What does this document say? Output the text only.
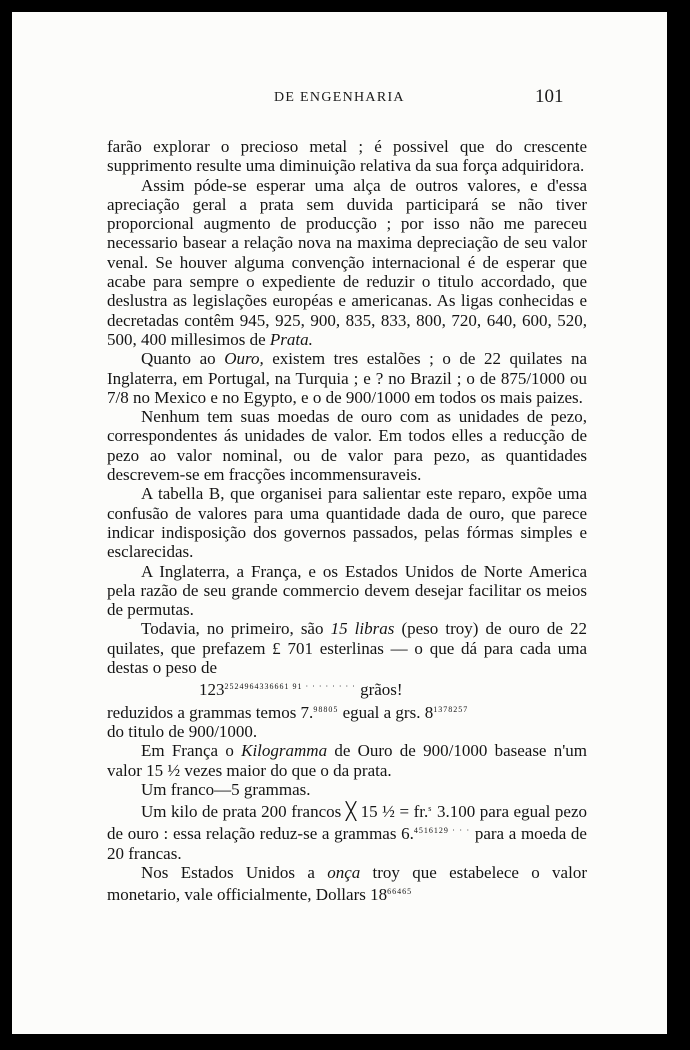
DE ENGENHARIA	101

farão explorar o precioso metal ; é possivel que do crescente supprimento resulte uma diminuição relativa da sua força adquiridora.

Assim póde-se esperar uma alça de outros valores, e d'essa apreciação geral a prata sem duvida participará se não tiver proporcional augmento de producção ; por isso não me pareceu necessario basear a relação nova na maxima depreciação de seu valor venal. Se houver alguma convenção internacional é de esperar que acabe para sempre o expediente de reduzir o titulo accordado, que deslustra as legislações européas e americanas. As ligas conhecidas e decretadas contêm 945, 925, 900, 835, 833, 800, 720, 640, 600, 520, 500, 400 millesimos de Prata.

Quanto ao Ouro, existem tres estalões ; o de 22 quilates na Inglaterra, em Portugal, na Turquia ; e ? no Brazil ; o de 875/1000 ou 7/8 no Mexico e no Egypto, e o de 900/1000 em todos os mais paizes.

Nenhum tem suas moedas de ouro com as unidades de pezo, correspondentes ás unidades de valor. Em todos elles a reducção de pezo ao valor nominal, ou de valor para pezo, as quantidades descrevem-se em fracções incommensuraveis.

A tabella B, que organisei para salientar este reparo, expõe uma confusão de valores para uma quantidade dada de ouro, que parece indicar indisposição dos governos passados, pelas fórmas simples e esclarecidas.

A Inglaterra, a França, e os Estados Unidos de Norte America pela razão de seu grande commercio devem desejar facilitar os meios de permutas.

Todavia, no primeiro, são 15 libras (peso troy) de ouro de 22 quilates, que prefazem £ 701 esterlinas — o que dá para cada uma destas o peso de

$123^{2524964336661 91 \cdot \cdot \cdot \cdot \cdot \cdot \cdot \cdot}$ grãos!

reduzidos a grammas temos 7.$^{98805}$ egual a grs. $8^{1378257}$

do titulo de 900/1000.

Em França o Kilogramma de Ouro de 900/1000 basease n'um valor 15 ½ vezes maior do que o da prata.

Um franco—5 grammas.

Um kilo de prata 200 francos ╳ 15 ½ = fr.$^s$ 3.100 para egual pezo de ouro : essa relação reduz-se a grammas 6.$^{4516129 \cdot \cdot \cdot}$ para a moeda de 20 francas.

Nos Estados Unidos a onça troy que estabelece o valor monetario, vale officialmente, Dollars $18^{66465}$
